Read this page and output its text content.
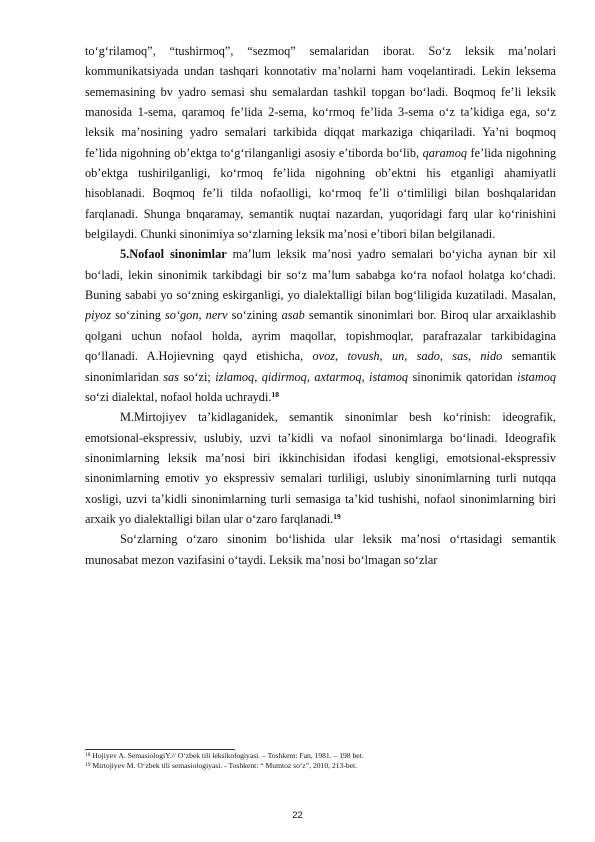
to‘g‘rilamoq”, “tushirmoq”, “sezmoq” semalaridan iborat. So‘z leksik ma’nolari kommunikatsiyada undan tashqari konnotativ ma’nolarni ham voqelantiradi. Lekin leksema sememasining bv yadro semasi shu semalardan tashkil topgan bo‘ladi. Boqmoq fe’li leksik manosida 1-sema, qaramoq fe’lida 2-sema, ko‘rmoq fe’lida 3-sema o‘z ta’kidiga ega, so‘z leksik ma’nosining yadro semalari tarkibida diqqat markaziga chiqariladi. Ya’ni boqmoq fe’lida nigohning ob’ektga to‘g‘rilanganligi asosiy e’tiborda bo‘lib, qaramoq fe’lida nigohning ob’ektga tushirilganligi, ko‘rmoq fe’lida nigohning ob’ektni his etganligi ahamiyatli hisoblanadi. Boqmoq fe’li tilda nofaolligi, ko‘rmoq fe’li o‘timliligi bilan boshqalaridan farqlanadi. Shunga bnqaramay, semantik nuqtai nazardan, yuqoridagi farq ular ko‘rinishini belgilaydi. Chunki sinonimiya so‘zlarning leksik ma’nosi e’tibori bilan belgilanadi.

5.Nofaol sinonimlar ma’lum leksik ma’nosi yadro semalari bo‘yicha aynan bir xil bo‘ladi, lekin sinonimik tarkibdagi bir so‘z ma’lum sababga ko‘ra nofaol holatga ko‘chadi. Buning sababi yo so‘zning eskirganligi, yo dialektalligi bilan bog‘liligida kuzatiladi. Masalan, piyoz so‘zining so‘gon, nerv so‘zining asab semantik sinonimlari bor. Biroq ular arxaiklashib qolgani uchun nofaol holda, ayrim maqollar, topishmoqlar, parafrazalar tarkibidagina qo‘llanadi. A.Hojievning qayd etishicha, ovoz, tovush, un, sado, sas, nido semantik sinonimlaridan sas so‘zi; izlamoq, qidirmoq, axtarmoq, istamoq sinonimik qatoridan istamoq so‘zi dialektal, nofaol holda uchraydi.$^{18}$

M.Mirtojiyev ta’kidlaganidek, semantik sinonimlar besh ko‘rinish: ideografik, emotsional-ekspressiv, uslubiy, uzvi ta’kidli va nofaol sinonimlarga bo‘linadi. Ideografik sinonimlarning leksik ma’nosi biri ikkinchisidan ifodasi kengligi, emotsional-ekspressiv sinonimlarning emotiv yo ekspressiv semalari turliligi, uslubiy sinonimlarning turli nutqqa xosligi, uzvi ta’kidli sinonimlarning turli semasiga ta’kid tushishi, nofaol sinonimlarning biri arxaik yo dialektalligi bilan ular o‘zaro farqlanadi.$^{19}$

So‘zlarning o‘zaro sinonim bo‘lishida ular leksik ma’nosi o‘rtasidagi semantik munosabat mezon vazifasini o‘taydi. Leksik ma’nosi bo‘lmagan so‘zlar

$^{18}$ Hojiyev A. SemasiologiY.// O‘zbek tili leksikologiyasi. – Toshkent: Fan, 1981. – 198 bet.
$^{19}$ Mirtojiyev M. O‘zbek tili semasiologiyasi. - Toshkent: “ Mumtoz so‘z”, 2010, 213-bet.
22
